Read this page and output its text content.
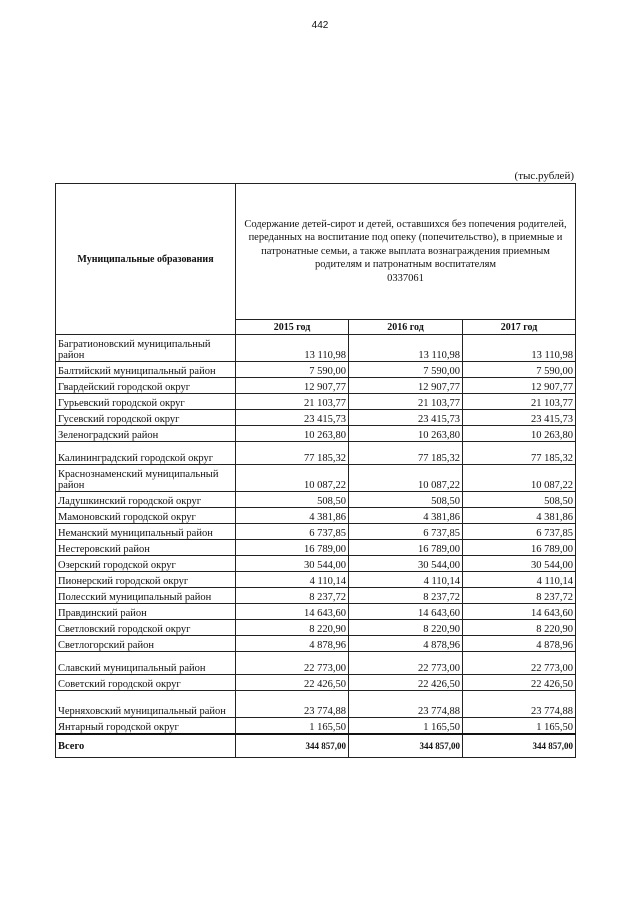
442
(тыс.рублей)
Муниципальные образования	Содержание детей-сирот и детей, оставшихся без попечения родителей, переданных на воспитание под опеку (попечительство), в приемные и патронатные семьи, а также выплата вознаграждения приемным родителям и патронатным воспитателям
0337061		
	2015 год	2016 год	2017 год
Багратионовский муниципальный район	13 110,98	13 110,98	13 110,98
Балтийский муниципальный район	7 590,00	7 590,00	7 590,00
Гвардейский городской округ	12 907,77	12 907,77	12 907,77
Гурьевский городской округ	21 103,77	21 103,77	21 103,77
Гусевский городской округ	23 415,73	23 415,73	23 415,73
Зеленоградский район	10 263,80	10 263,80	10 263,80
Калининградский городской округ	77 185,32	77 185,32	77 185,32
Краснознаменский муниципальный район	10 087,22	10 087,22	10 087,22
Ладушкинский городской округ	508,50	508,50	508,50
Мамоновский городской округ	4 381,86	4 381,86	4 381,86
Неманский муниципальный район	6 737,85	6 737,85	6 737,85
Нестеровский район	16 789,00	16 789,00	16 789,00
Озерский городской округ	30 544,00	30 544,00	30 544,00
Пионерский городской округ	4 110,14	4 110,14	4 110,14
Полесский муниципальный район	8 237,72	8 237,72	8 237,72
Правдинский район	14 643,60	14 643,60	14 643,60
Светловский городской округ	8 220,90	8 220,90	8 220,90
Светлогорский район	4 878,96	4 878,96	4 878,96
Славский муниципальный район	22 773,00	22 773,00	22 773,00
Советский городской округ	22 426,50	22 426,50	22 426,50
Черняховский муниципальный район	23 774,88	23 774,88	23 774,88
Янтарный городской округ	1 165,50	1 165,50	1 165,50
Всего	344 857,00	344 857,00	344 857,00
